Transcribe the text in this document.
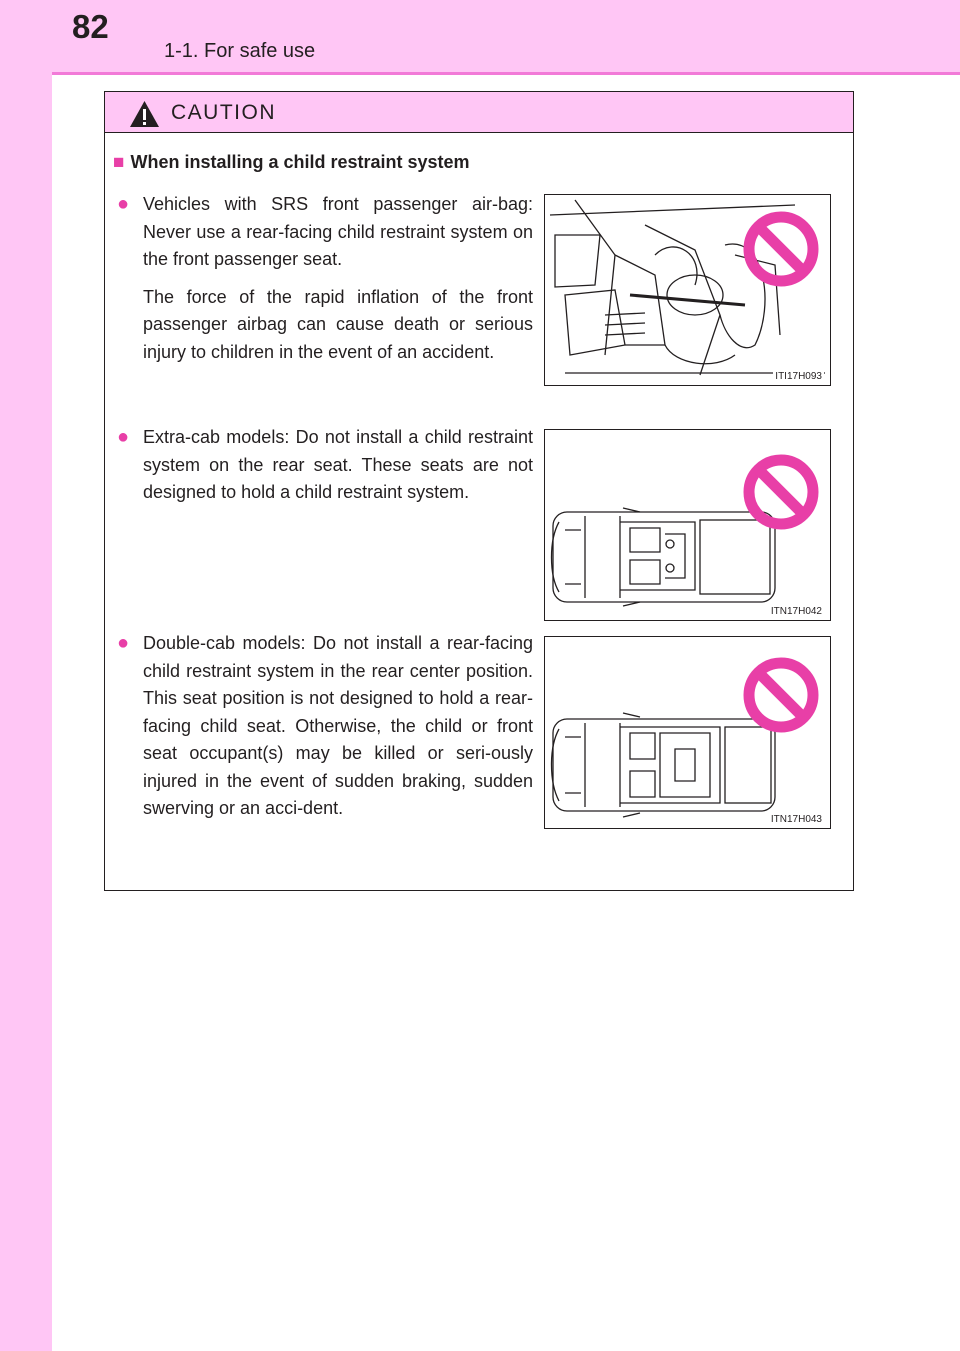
82
1-1. For safe use
CAUTION
■ When installing a child restraint system
● Vehicles with SRS front passenger air-bag: Never use a rear-facing child restraint system on the front passenger seat.

The force of the rapid inflation of the front passenger airbag can cause death or serious injury to children in the event of an accident.

ITI17H093
● Extra-cab models: Do not install a child restraint system on the rear seat. These seats are not designed to hold a child restraint system.

ITN17H042
● Double-cab models: Do not install a rear-facing child restraint system in the rear center position. This seat position is not designed to hold a rear-facing child seat. Otherwise, the child or front seat occupant(s) may be killed or seri-ously injured in the event of sudden braking, sudden swerving or an acci-dent.

ITN17H043
